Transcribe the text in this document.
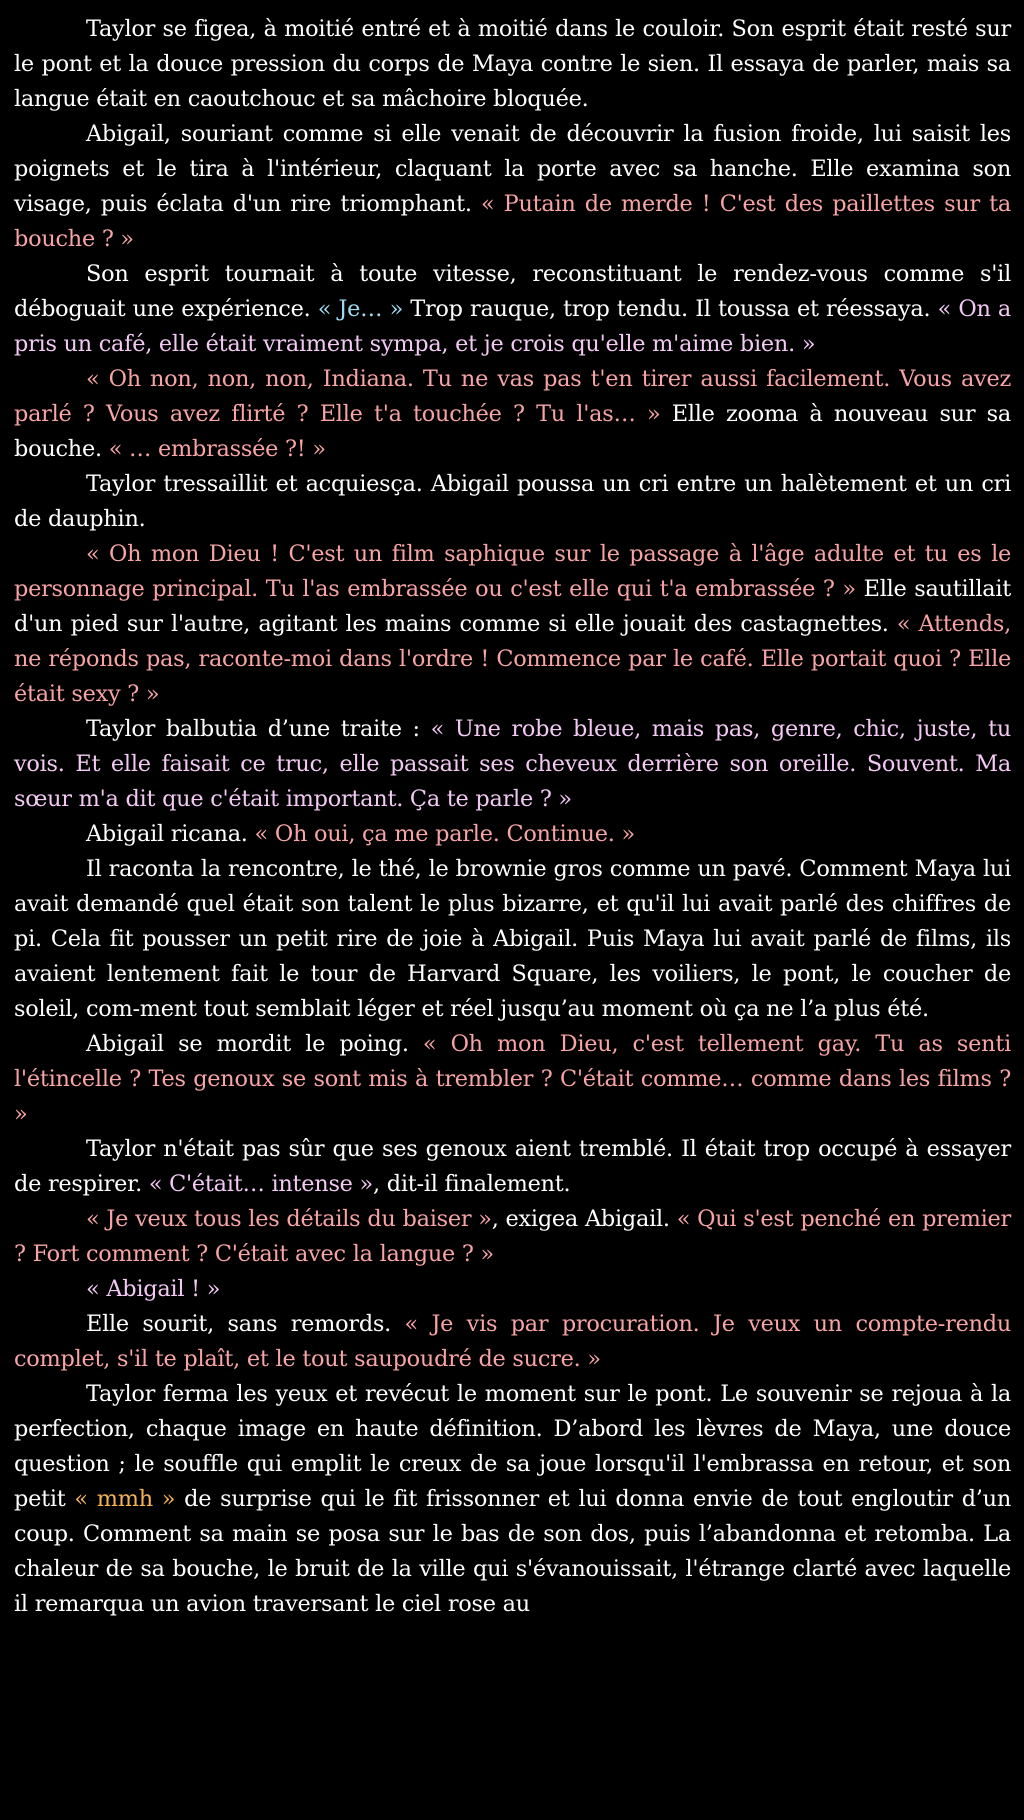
Taylor se figea, à moitié entré et à moitié dans le couloir. Son esprit était resté sur le pont et la douce pression du corps de Maya contre le sien. Il essaya de parler, mais sa langue était en caoutchouc et sa mâchoire bloquée.

Abigail, souriant comme si elle venait de découvrir la fusion froide, lui saisit les poignets et le tira à l'intérieur, claquant la porte avec sa hanche. Elle examina son visage, puis éclata d'un rire triomphant. « Putain de merde ! C'est des paillettes sur ta bouche ? »

Son esprit tournait à toute vitesse, reconstituant le rendez-vous comme s'il déboguait une expérience. « Je… » Trop rauque, trop tendu. Il toussa et réessaya. « On a pris un café, elle était vraiment sympa, et je crois qu'elle m'aime bien. »

« Oh non, non, non, Indiana. Tu ne vas pas t'en tirer aussi facilement. Vous avez parlé ? Vous avez flirté ? Elle t'a touchée ? Tu l'as… » Elle zooma à nouveau sur sa bouche. « … embrassée ?! »

Taylor tressaillit et acquiesça. Abigail poussa un cri entre un halètement et un cri de dauphin.

« Oh mon Dieu ! C'est un film saphique sur le passage à l'âge adulte et tu es le personnage principal. Tu l'as embrassée ou c'est elle qui t'a embrassée ? » Elle sautillait d'un pied sur l'autre, agitant les mains comme si elle jouait des castagnettes. « Attends, ne réponds pas, raconte-moi dans l'ordre ! Commence par le café. Elle portait quoi ? Elle était sexy ? »

Taylor balbutia d’une traite : « Une robe bleue, mais pas, genre, chic, juste, tu vois. Et elle faisait ce truc, elle passait ses cheveux derrière son oreille. Souvent. Ma sœur m'a dit que c'était important. Ça te parle ? »

Abigail ricana. « Oh oui, ça me parle. Continue. »

Il raconta la rencontre, le thé, le brownie gros comme un pavé. Comment Maya lui avait demandé quel était son talent le plus bizarre, et qu'il lui avait parlé des chiffres de pi. Cela fit pousser un petit rire de joie à Abigail. Puis Maya lui avait parlé de films, ils avaient lentement fait le tour de Harvard Square, les voiliers, le pont, le coucher de soleil, com-ment tout semblait léger et réel jusqu’au moment où ça ne l’a plus été.

Abigail se mordit le poing. « Oh mon Dieu, c'est tellement gay. Tu as senti l'étincelle ? Tes genoux se sont mis à trembler ? C'était comme… comme dans les films ? »

Taylor n'était pas sûr que ses genoux aient tremblé. Il était trop occupé à essayer de respirer. « C'était… intense », dit-il finalement.

« Je veux tous les détails du baiser », exigea Abigail. « Qui s'est penché en premier ? Fort comment ? C'était avec la langue ? »

« Abigail ! »

Elle sourit, sans remords. « Je vis par procuration. Je veux un compte-rendu complet, s'il te plaît, et le tout saupoudré de sucre. »

Taylor ferma les yeux et revécut le moment sur le pont. Le souvenir se rejoua à la perfection, chaque image en haute définition. D’abord les lèvres de Maya, une douce question ; le souffle qui emplit le creux de sa joue lorsqu'il l'embrassa en retour, et son petit « mmh » de surprise qui le fit frissonner et lui donna envie de tout engloutir d’un coup. Comment sa main se posa sur le bas de son dos, puis l’abandonna et retomba. La chaleur de sa bouche, le bruit de la ville qui s'évanouissait, l'étrange clarté avec laquelle il remarqua un avion traversant le ciel rose au
